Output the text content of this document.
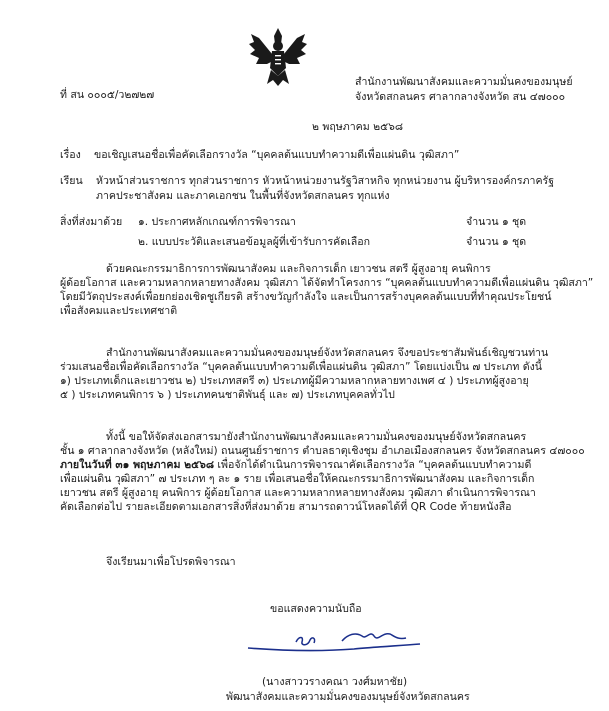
ที่ สน ๐๐๐๕/ว๒๗๒๗
สำนักงานพัฒนาสังคมและความมั่นคงของมนุษย์
จังหวัดสกลนคร ศาลากลางจังหวัด สน ๔๗๐๐๐
๒ พฤษภาคม ๒๕๖๘
เรื่อง ขอเชิญเสนอชื่อเพื่อคัดเลือกรางวัล “บุคคลต้นแบบทำความดีเพื่อแผ่นดิน วุฒิสภา”
เรียน หัวหน้าส่วนราชการ ทุกส่วนราชการ หัวหน้าหน่วยงานรัฐวิสาหกิจ ทุกหน่วยงาน ผู้บริหารองค์กรภาครัฐ
ภาคประชาสังคม และภาคเอกชน ในพื้นที่จังหวัดสกลนคร ทุกแห่ง
สิ่งที่ส่งมาด้วย ๑. ประกาศหลักเกณฑ์การพิจารณา	จำนวน ๑ ชุด
๒. แบบประวัติและเสนอข้อมูลผู้ที่เข้ารับการคัดเลือก	จำนวน ๑ ชุด
ด้วยคณะกรรมาธิการการพัฒนาสังคม และกิจการเด็ก เยาวชน สตรี ผู้สูงอายุ คนพิการ
ผู้ด้อยโอกาส และความหลากหลายทางสังคม วุฒิสภา ได้จัดทำโครงการ “บุคคลต้นแบบทำความดีเพื่อแผ่นดิน วุฒิสภา”
โดยมีวัตถุประสงค์เพื่อยกย่องเชิดชูเกียรติ สร้างขวัญกำลังใจ และเป็นการสร้างบุคคลต้นแบบที่ทำคุณประโยชน์
เพื่อสังคมและประเทศชาติ
สำนักงานพัฒนาสังคมและความมั่นคงของมนุษย์จังหวัดสกลนคร จึงขอประชาสัมพันธ์เชิญชวนท่าน
ร่วมเสนอชื่อเพื่อคัดเลือกรางวัล “บุคคลต้นแบบทำความดีเพื่อแผ่นดิน วุฒิสภา” โดยแบ่งเป็น ๗ ประเภท ดังนี้
๑) ประเภทเด็กและเยาวชน ๒) ประเภทสตรี ๓) ประเภทผู้มีความหลากหลายทางเพศ ๔ ) ประเภทผู้สูงอายุ
๕ ) ประเภทคนพิการ ๖ ) ประเภทคนชาติพันธุ์ และ ๗) ประเภทบุคคลทั่วไป
ทั้งนี้ ขอให้จัดส่งเอกสารมายังสำนักงานพัฒนาสังคมและความมั่นคงของมนุษย์จังหวัดสกลนคร
ชั้น ๑ ศาลากลางจังหวัด (หลังใหม่) ถนนศูนย์ราชการ ตำบลธาตุเชิงชุม อำเภอเมืองสกลนคร จังหวัดสกลนคร ๔๗๐๐๐
ภายในวันที่ ๓๑ พฤษภาคม ๒๕๖๘ เพื่อจักได้ดำเนินการพิจารณาคัดเลือกรางวัล “บุคคลต้นแบบทำความดี
เพื่อแผ่นดิน วุฒิสภา” ๗ ประเภท ๆ ละ ๑ ราย เพื่อเสนอชื่อให้คณะกรรมาธิการพัฒนาสังคม และกิจการเด็ก
เยาวชน สตรี ผู้สูงอายุ คนพิการ ผู้ด้อยโอกาส และความหลากหลายทางสังคม วุฒิสภา ดำเนินการพิจารณา
คัดเลือกต่อไป รายละเอียดตามเอกสารสิ่งที่ส่งมาด้วย สามารถดาวน์โหลดได้ที่ QR Code ท้ายหนังสือ
จึงเรียนมาเพื่อโปรดพิจารณา
ขอแสดงความนับถือ
(นางสาววรางคณา วงศ์มหาชัย)
พัฒนาสังคมและความมั่นคงของมนุษย์จังหวัดสกลนคร
